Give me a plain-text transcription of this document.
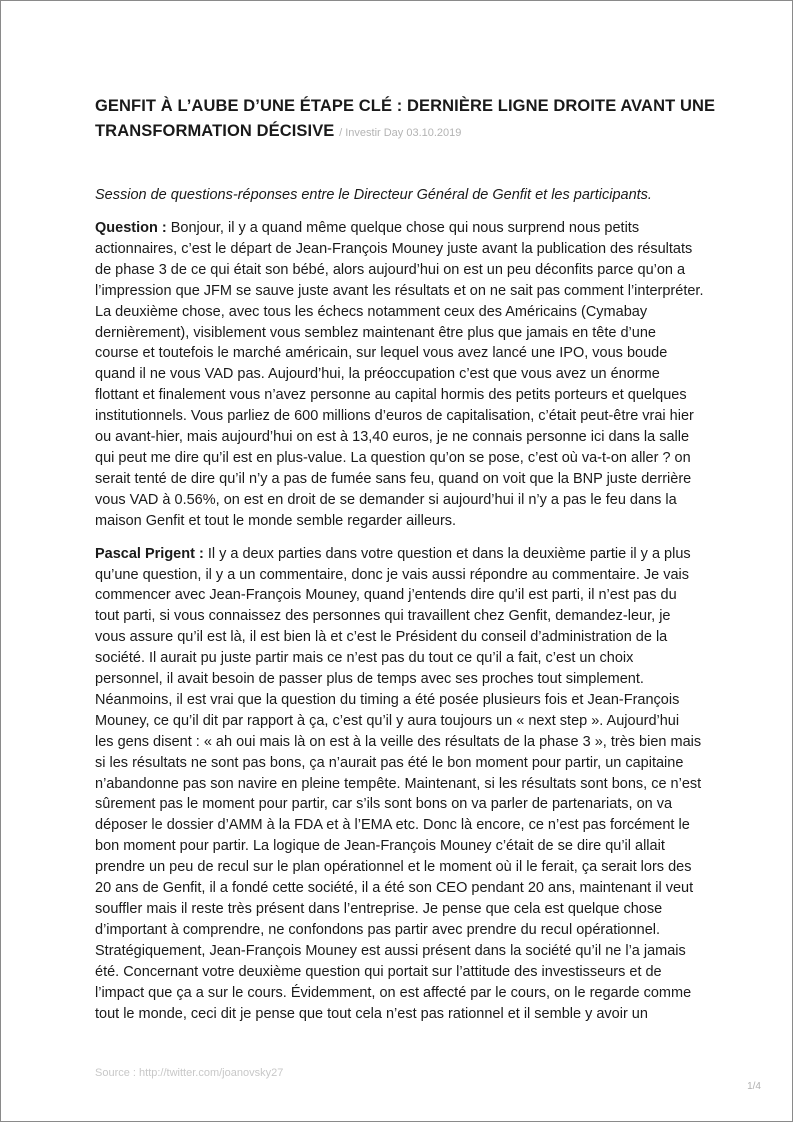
GENFIT À L’AUBE D’UNE ÉTAPE CLÉ : DERNIÈRE LIGNE DROITE AVANT UNE
TRANSFORMATION DÉCISIVE / Investir Day 03.10.2019
Session de questions-réponses entre le Directeur Général de Genfit et les participants.

Question : Bonjour, il y a quand même quelque chose qui nous surprend nous petits
actionnaires, c’est le départ de Jean-François Mouney juste avant la publication des résultats
de phase 3 de ce qui était son bébé, alors aujourd’hui on est un peu déconfits parce qu’on a
l’impression que JFM se sauve juste avant les résultats et on ne sait pas comment l’interpréter.
La deuxième chose, avec tous les échecs notamment ceux des Américains (Cymabay
dernièrement), visiblement vous semblez maintenant être plus que jamais en tête d’une
course et toutefois le marché américain, sur lequel vous avez lancé une IPO, vous boude
quand il ne vous VAD pas. Aujourd’hui, la préoccupation c’est que vous avez un énorme
flottant et finalement vous n’avez personne au capital hormis des petits porteurs et quelques
institutionnels. Vous parliez de 600 millions d’euros de capitalisation, c’était peut-être vrai hier
ou avant-hier, mais aujourd’hui on est à 13,40 euros, je ne connais personne ici dans la salle
qui peut me dire qu’il est en plus-value. La question qu’on se pose, c’est où va-t-on aller ? on
serait tenté de dire qu’il n’y a pas de fumée sans feu, quand on voit que la BNP juste derrière
vous VAD à 0.56%, on est en droit de se demander si aujourd’hui il n’y a pas le feu dans la
maison Genfit et tout le monde semble regarder ailleurs.

Pascal Prigent : Il y a deux parties dans votre question et dans la deuxième partie il y a plus
qu’une question, il y a un commentaire, donc je vais aussi répondre au commentaire. Je vais
commencer avec Jean-François Mouney, quand j’entends dire qu’il est parti, il n’est pas du
tout parti, si vous connaissez des personnes qui travaillent chez Genfit, demandez-leur, je
vous assure qu’il est là, il est bien là et c’est le Président du conseil d’administration de la
société. Il aurait pu juste partir mais ce n’est pas du tout ce qu’il a fait, c’est un choix
personnel, il avait besoin de passer plus de temps avec ses proches tout simplement.
Néanmoins, il est vrai que la question du timing a été posée plusieurs fois et Jean-François
Mouney, ce qu’il dit par rapport à ça, c’est qu’il y aura toujours un « next step ». Aujourd’hui
les gens disent : « ah oui mais là on est à la veille des résultats de la phase 3 », très bien mais
si les résultats ne sont pas bons, ça n’aurait pas été le bon moment pour partir, un capitaine
n’abandonne pas son navire en pleine tempête. Maintenant, si les résultats sont bons, ce n’est
sûrement pas le moment pour partir, car s’ils sont bons on va parler de partenariats, on va
déposer le dossier d’AMM à la FDA et à l’EMA etc. Donc là encore, ce n’est pas forcément le
bon moment pour partir. La logique de Jean-François Mouney c’était de se dire qu’il allait
prendre un peu de recul sur le plan opérationnel et le moment où il le ferait, ça serait lors des
20 ans de Genfit, il a fondé cette société, il a été son CEO pendant 20 ans, maintenant il veut
souffler mais il reste très présent dans l’entreprise. Je pense que cela est quelque chose
d’important à comprendre, ne confondons pas partir avec prendre du recul opérationnel.
Stratégiquement, Jean-François Mouney est aussi présent dans la société qu’il ne l’a jamais
été. Concernant votre deuxième question qui portait sur l’attitude des investisseurs et de
l’impact que ça a sur le cours. Évidemment, on est affecté par le cours, on le regarde comme
tout le monde, ceci dit je pense que tout cela n’est pas rationnel et il semble y avoir un

Source : http://twitter.com/joanovsky27
1/4
